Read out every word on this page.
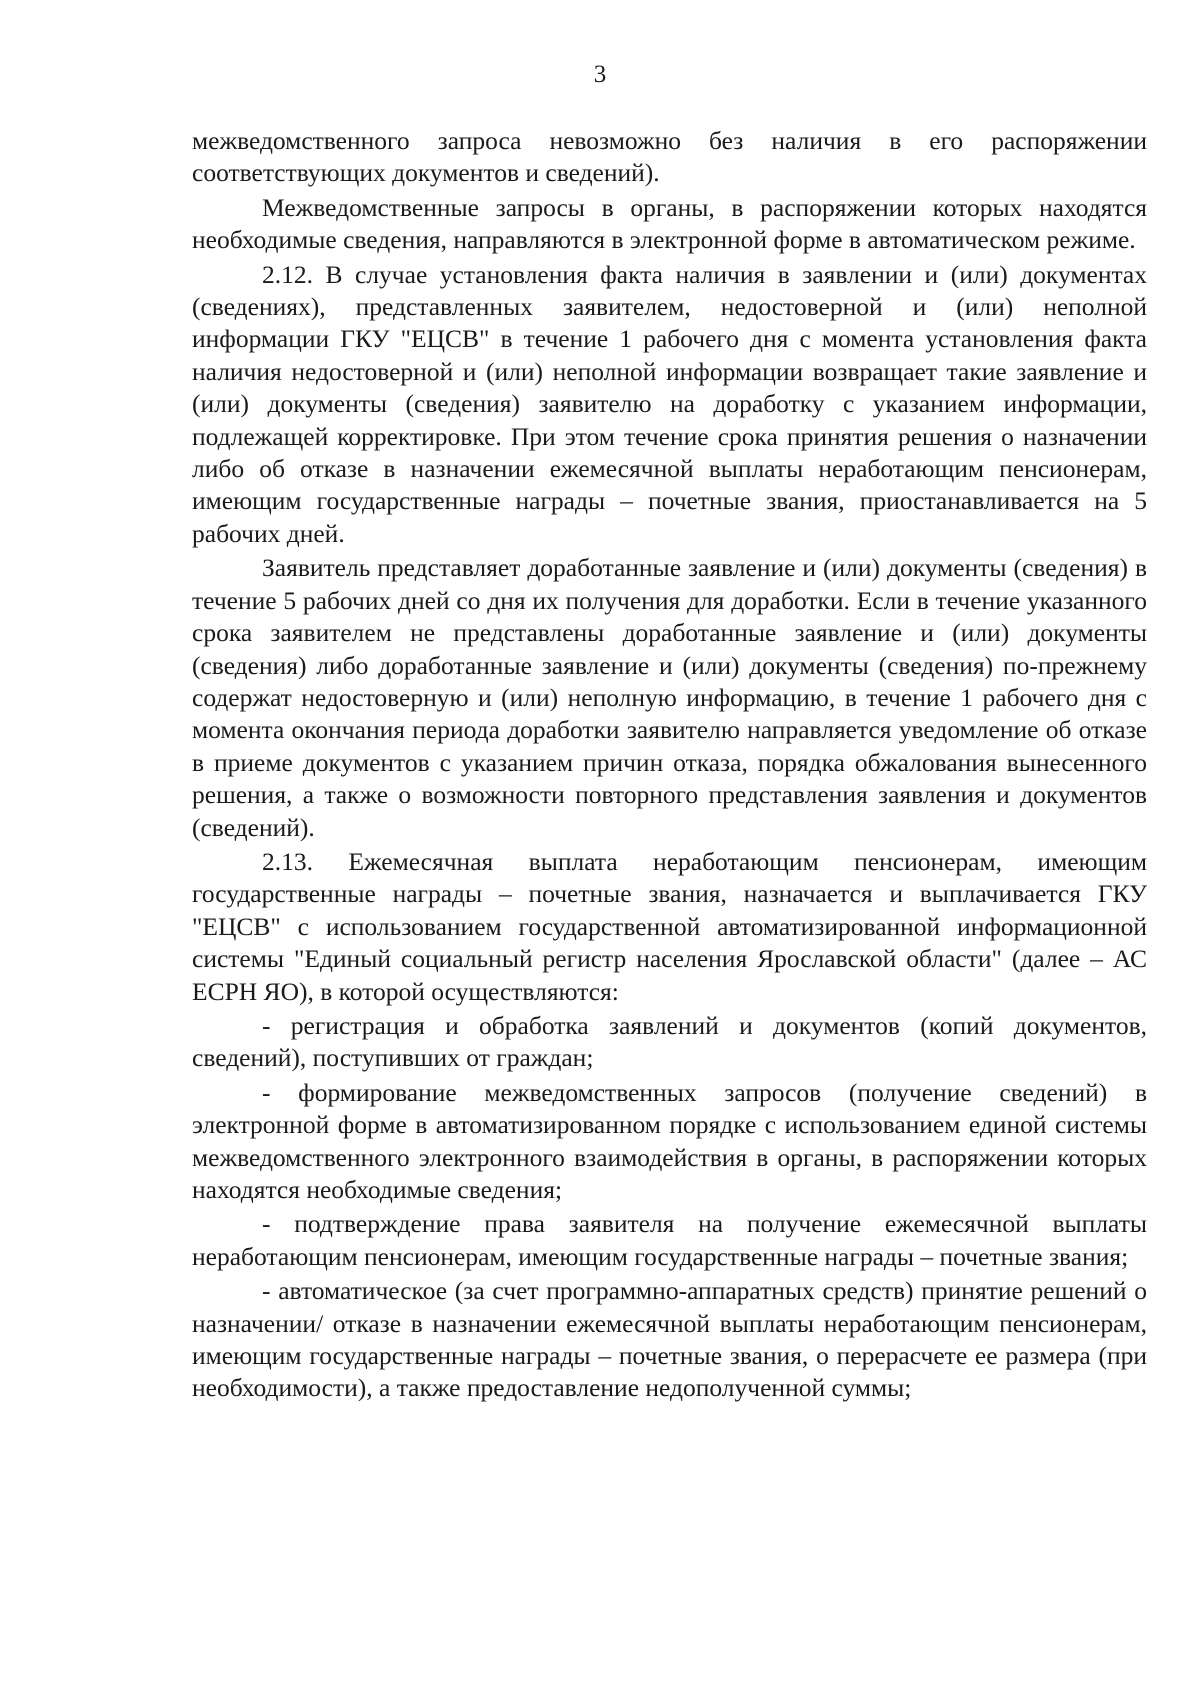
3

межведомственного запроса невозможно без наличия в его распоряжении соответствующих документов и сведений).

Межведомственные запросы в органы, в распоряжении которых находятся необходимые сведения, направляются в электронной форме в автоматическом режиме.

2.12. В случае установления факта наличия в заявлении и (или) документах (сведениях), представленных заявителем, недостоверной и (или) неполной информации ГКУ "ЕЦСВ" в течение 1 рабочего дня с момента установления факта наличия недостоверной и (или) неполной информации возвращает такие заявление и (или) документы (сведения) заявителю на доработку с указанием информации, подлежащей корректировке. При этом течение срока принятия решения о назначении либо об отказе в назначении ежемесячной выплаты неработающим пенсионерам, имеющим государственные награды – почетные звания, приостанавливается на 5 рабочих дней.

Заявитель представляет доработанные заявление и (или) документы (сведения) в течение 5 рабочих дней со дня их получения для доработки. Если в течение указанного срока заявителем не представлены доработанные заявление и (или) документы (сведения) либо доработанные заявление и (или) документы (сведения) по-прежнему содержат недостоверную и (или) неполную информацию, в течение 1 рабочего дня с момента окончания периода доработки заявителю направляется уведомление об отказе в приеме документов с указанием причин отказа, порядка обжалования вынесенного решения, а также о возможности повторного представления заявления и документов (сведений).

2.13. Ежемесячная выплата неработающим пенсионерам, имеющим государственные награды – почетные звания, назначается и выплачивается ГКУ "ЕЦСВ" с использованием государственной автоматизированной информационной системы "Единый социальный регистр населения Ярославской области" (далее – АС ЕСРН ЯО), в которой осуществляются:

- регистрация и обработка заявлений и документов (копий документов, сведений), поступивших от граждан;

- формирование межведомственных запросов (получение сведений) в электронной форме в автоматизированном порядке с использованием единой системы межведомственного электронного взаимодействия в органы, в распоряжении которых находятся необходимые сведения;

- подтверждение права заявителя на получение ежемесячной выплаты неработающим пенсионерам, имеющим государственные награды – почетные звания;

- автоматическое (за счет программно-аппаратных средств) принятие решений о назначении/ отказе в назначении ежемесячной выплаты неработающим пенсионерам, имеющим государственные награды – почетные звания, о перерасчете ее размера (при необходимости), а также предоставление недополученной суммы;
